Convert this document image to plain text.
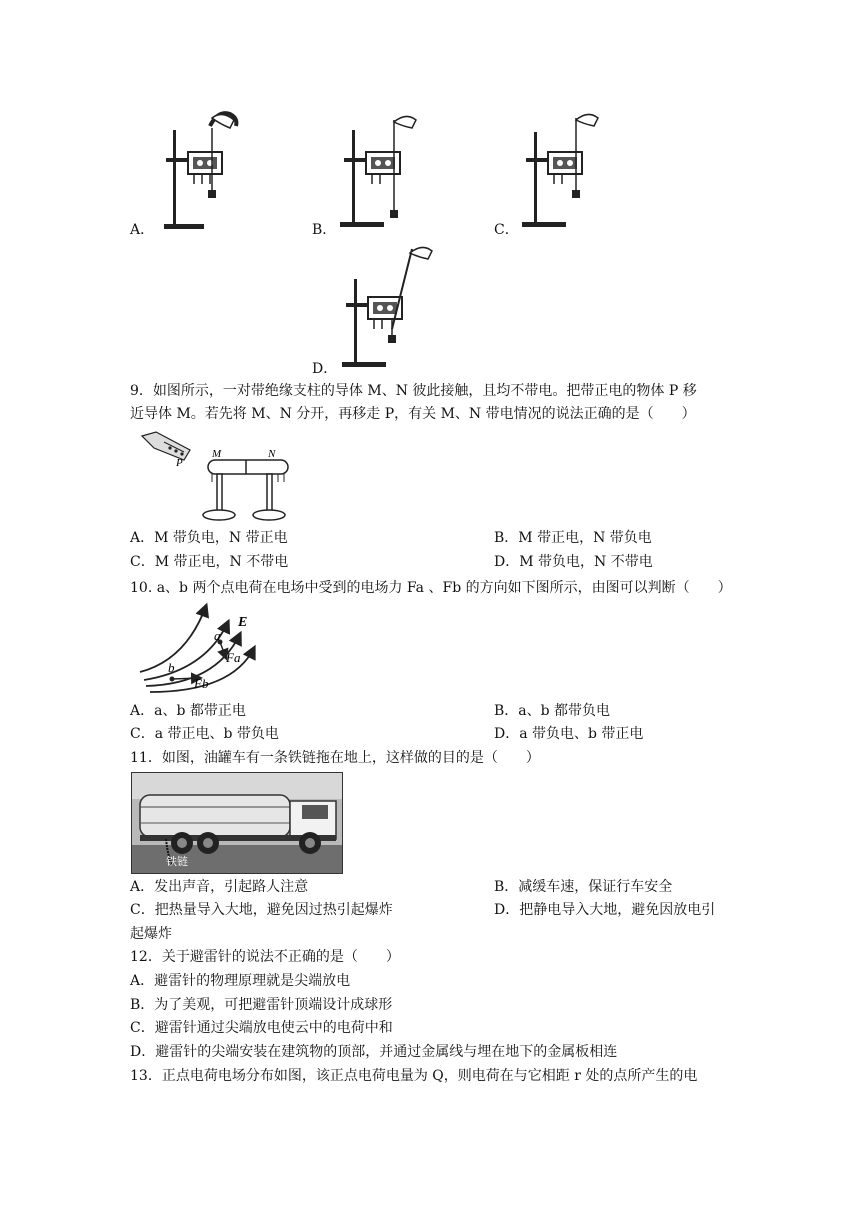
A．	B．	C．
D．
9．如图所示，一对带绝缘支柱的导体 M、N 彼此接触，且均不带电。把带正电的物体 P 移
近导体 M。若先将 M、N 分开，再移走 P，有关 M、N 带电情况的说法正确的是（　　）
P
M	N
A．M 带负电，N 带正电	B．M 带正电，N 带负电
C．M 带正电，N 不带电	D．M 带负电，N 不带电
10. a、b 两个点电荷在电场中受到的电场力 Fa 、Fb 的方向如下图所示，由图可以判断（　　）
E
a
b
Fa
Fb
A．a、b 都带正电	B．a、b 都带负电
C．a 带正电、b 带负电	D．a 带负电、b 带正电
11．如图，油罐车有一条铁链拖在地上，这样做的目的是（　　）
铁链
A．发出声音，引起路人注意	B．减缓车速，保证行车安全
C．把热量导入大地，避免因过热引起爆炸	D．把静电导入大地，避免因放电引
起爆炸
12．关于避雷针的说法不正确的是（　　）
A．避雷针的物理原理就是尖端放电
B．为了美观，可把避雷针顶端设计成球形
C．避雷针通过尖端放电使云中的电荷中和
D．避雷针的尖端安装在建筑物的顶部，并通过金属线与埋在地下的金属板相连
13．正点电荷电场分布如图，该正点电荷电量为 Q，则电荷在与它相距 r 处的点所产生的电
